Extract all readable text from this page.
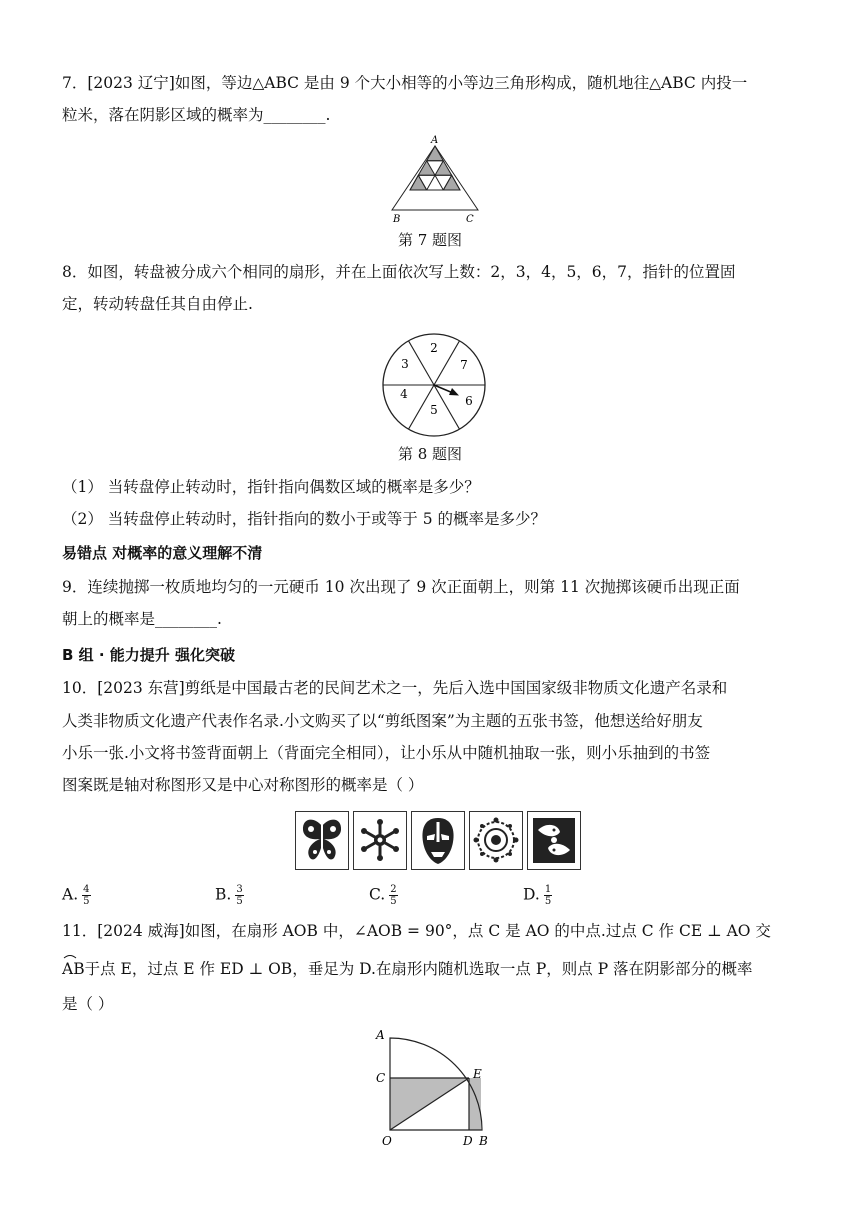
7．[2023 辽宁]如图，等边△ABC 是由 9 个大小相等的小等边三角形构成，随机地往△ABC 内投一
粒米，落在阴影区域的概率为________.
A
B	C
第 7 题图
8．如图，转盘被分成六个相同的扇形，并在上面依次写上数：2，3，4，5，6，7，指针的位置固
定，转动转盘任其自由停止.
2
7
6
5
4
3
第 8 题图
（1） 当转盘停止转动时，指针指向偶数区域的概率是多少？
（2） 当转盘停止转动时，指针指向的数小于或等于 5 的概率是多少？
易错点 对概率的意义理解不清
9．连续抛掷一枚质地均匀的一元硬币 10 次出现了 9 次正面朝上，则第 11 次抛掷该硬币出现正面
朝上的概率是________.
B 组 · 能力提升 强化突破
10．[2023 东营]剪纸是中国最古老的民间艺术之一，先后入选中国国家级非物质文化遗产名录和
人类非物质文化遗产代表作名录.小文购买了以“剪纸图案”为主题的五张书签，他想送给好朋友
小乐一张.小文将书签背面朝上（背面完全相同），让小乐从中随机抽取一张，则小乐抽到的书签
图案既是轴对称图形又是中心对称图形的概率是（ ）
A. $\frac{4}{5}$	B. $\frac{3}{5}$	C. $\frac{2}{5}$	D. $\frac{1}{5}$
11．[2024 威海]如图，在扇形 AOB 中，∠AOB = 90°，点 C 是 AO 的中点.过点 C 作 CE ⊥ AO 交
AB于点 E，过点 E 作 ED ⊥ OB，垂足为 D.在扇形内随机选取一点 P，则点 P 落在阴影部分的概率
是（ ）
A
C	E
O	D B
